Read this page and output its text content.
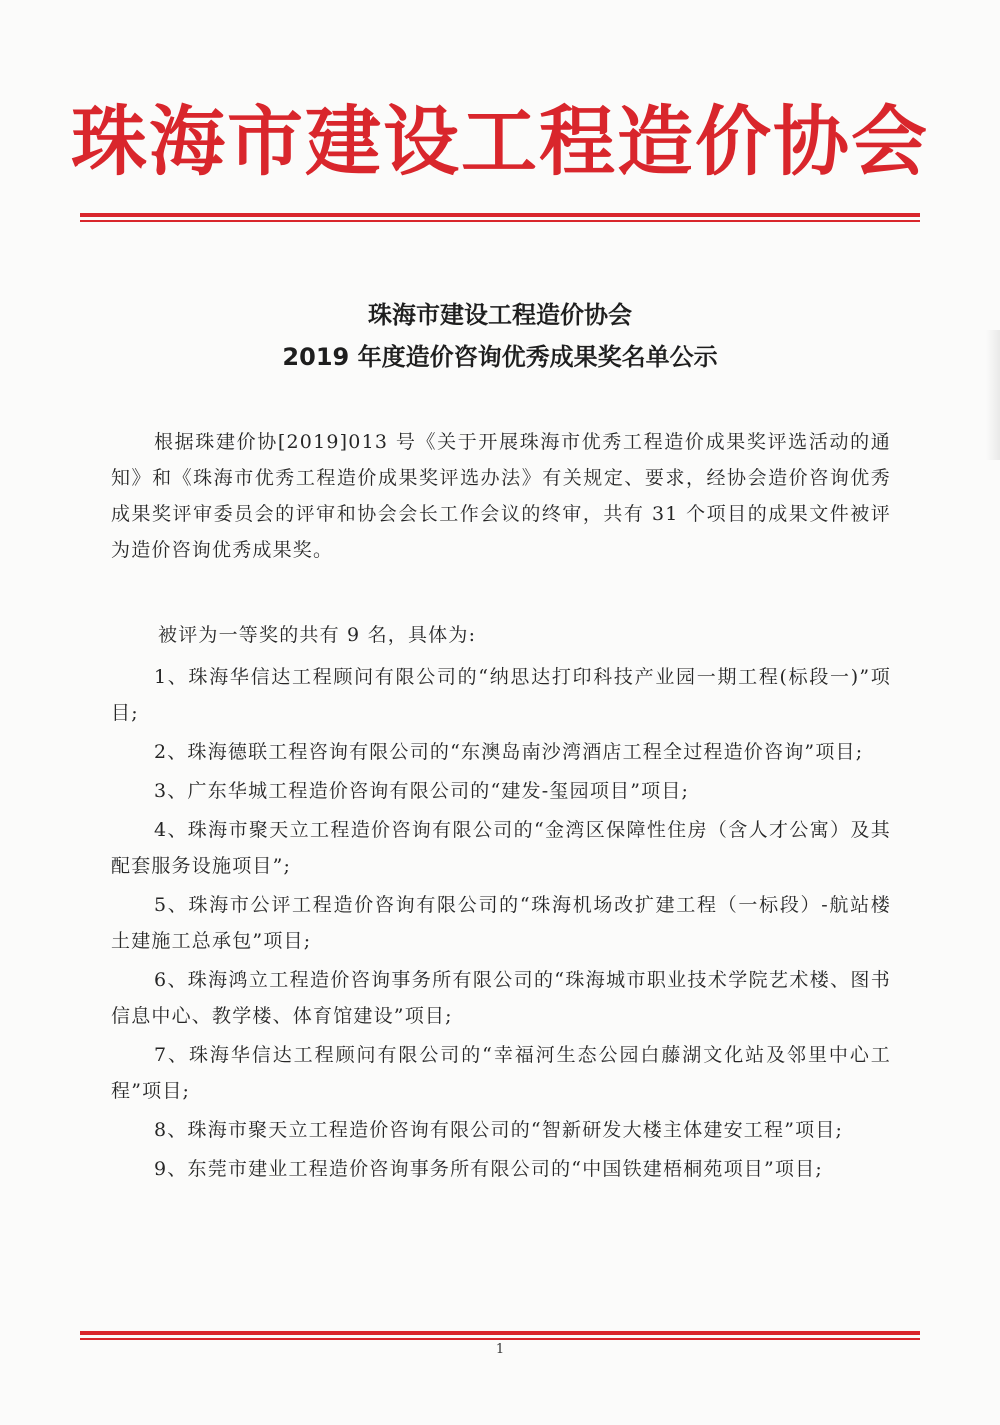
珠海市建设工程造价协会
珠海市建设工程造价协会
2019 年度造价咨询优秀成果奖名单公示
根据珠建价协[2019]013 号《关于开展珠海市优秀工程造价成果奖评选活动的通知》和《珠海市优秀工程造价成果奖评选办法》有关规定、要求，经协会造价咨询优秀成果奖评审委员会的评审和协会会长工作会议的终审，共有 31 个项目的成果文件被评为造价咨询优秀成果奖。
被评为一等奖的共有 9 名，具体为:

1、珠海华信达工程顾问有限公司的“纳思达打印科技产业园一期工程(标段一)”项目;

2、珠海德联工程咨询有限公司的“东澳岛南沙湾酒店工程全过程造价咨询”项目;

3、广东华城工程造价咨询有限公司的“建发-玺园项目”项目;

4、珠海市聚天立工程造价咨询有限公司的“金湾区保障性住房（含人才公寓）及其配套服务设施项目”;

5、珠海市公评工程造价咨询有限公司的“珠海机场改扩建工程（一标段）-航站楼土建施工总承包”项目;

6、珠海鸿立工程造价咨询事务所有限公司的“珠海城市职业技术学院艺术楼、图书信息中心、教学楼、体育馆建设”项目;

7、珠海华信达工程顾问有限公司的“幸福河生态公园白藤湖文化站及邻里中心工程”项目;

8、珠海市聚天立工程造价咨询有限公司的“智新研发大楼主体建安工程”项目;

9、东莞市建业工程造价咨询事务所有限公司的“中国铁建梧桐苑项目”项目;

1
